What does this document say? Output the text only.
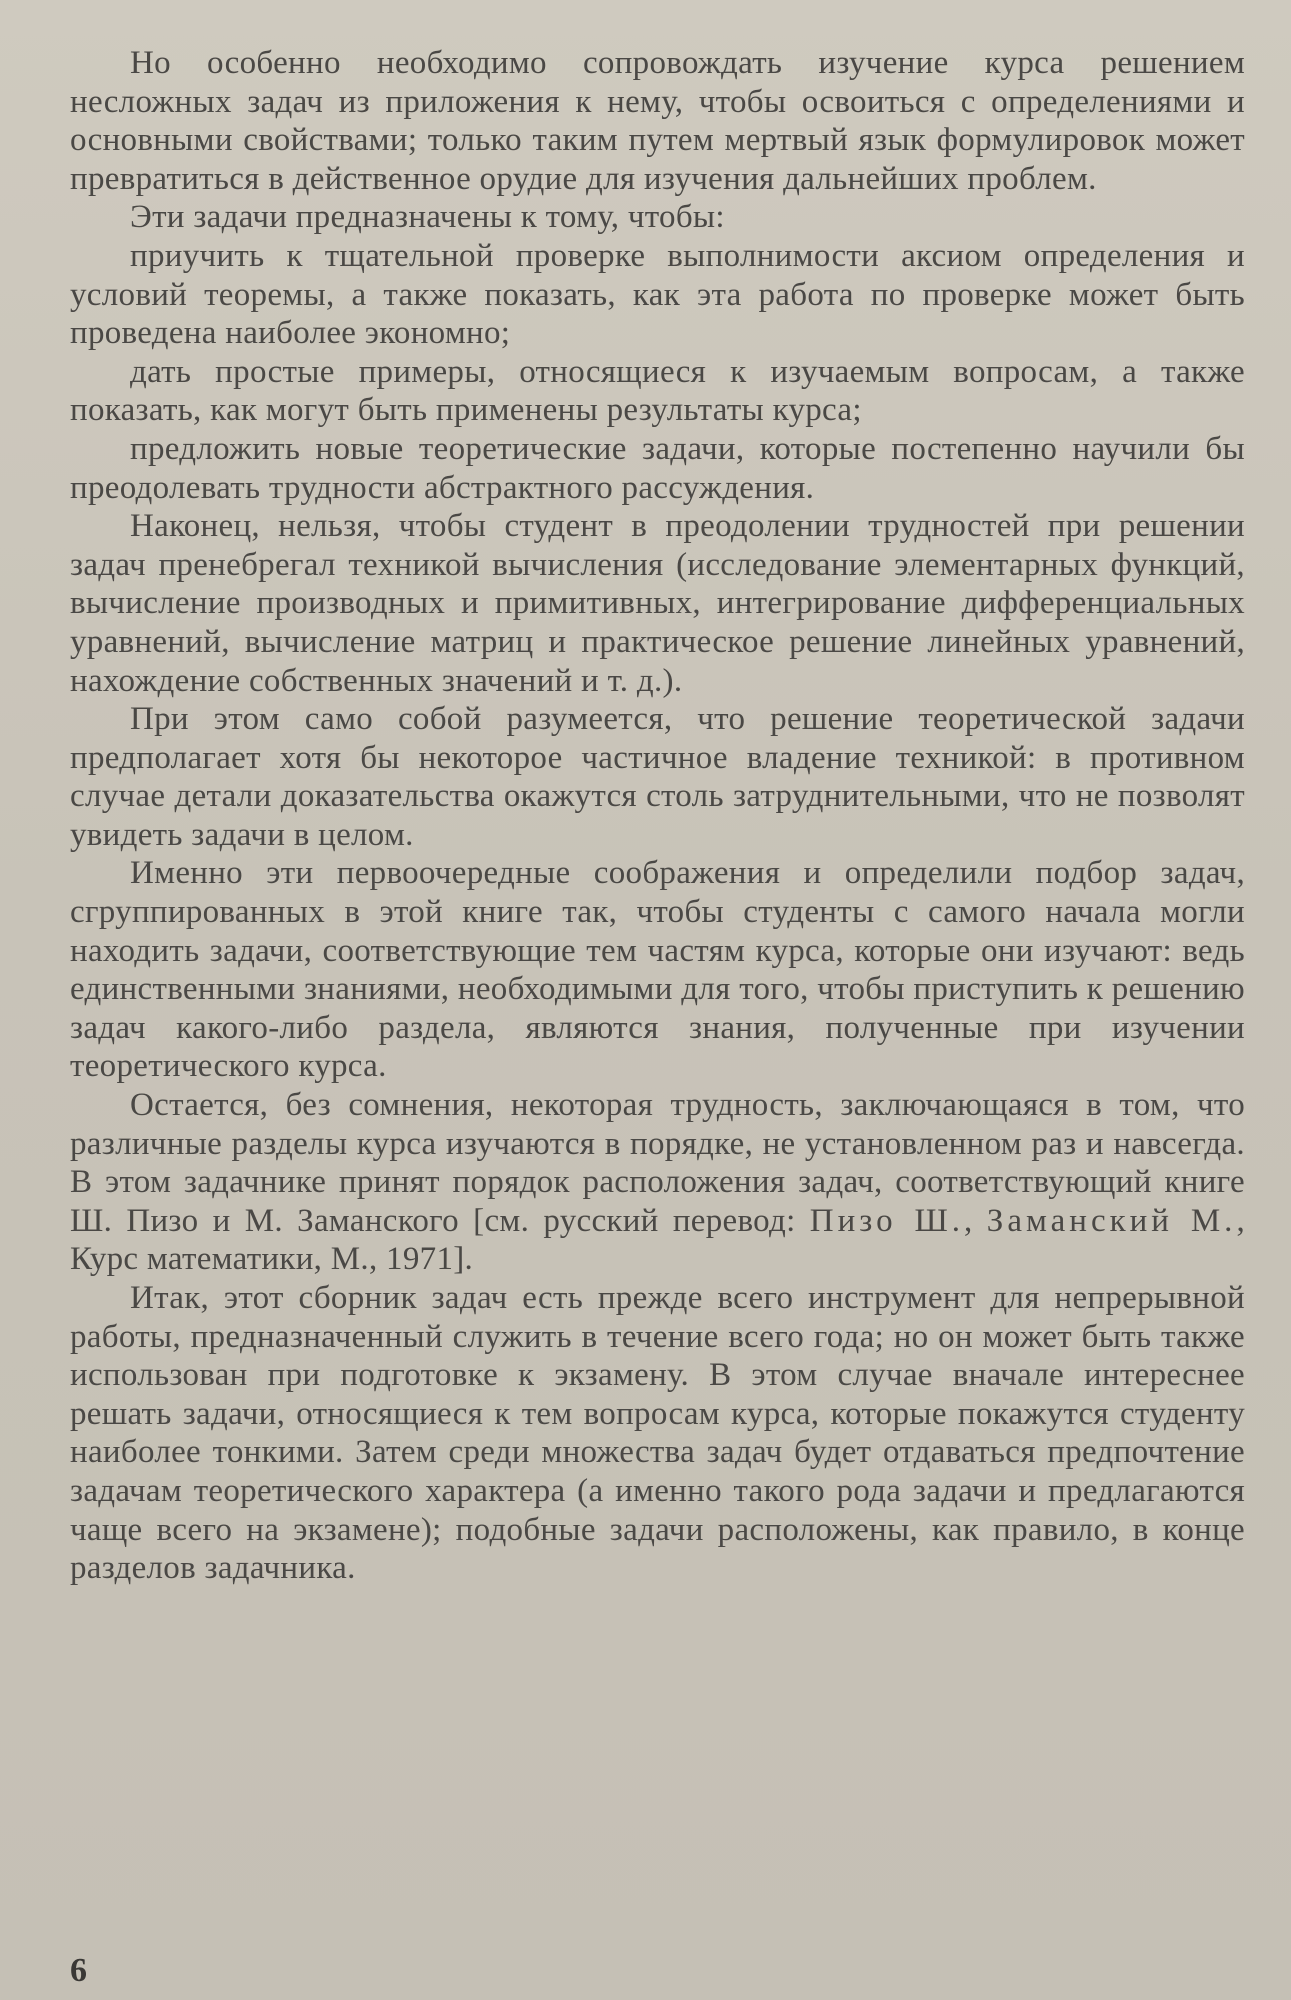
Но особенно необходимо сопровождать изучение курса решением несложных задач из приложения к нему, чтобы освоиться с определениями и основными свойствами; только таким путем мертвый язык формулировок может превратиться в действенное орудие для изучения дальнейших проблем.

Эти задачи предназначены к тому, чтобы:

приучить к тщательной проверке выполнимости аксиом определения и условий теоремы, а также показать, как эта работа по проверке может быть проведена наиболее экономно;

дать простые примеры, относящиеся к изучаемым вопросам, а также показать, как могут быть применены результаты курса;

предложить новые теоретические задачи, которые постепенно научили бы преодолевать трудности абстрактного рассуждения.

Наконец, нельзя, чтобы студент в преодолении трудностей при решении задач пренебрегал техникой вычисления (исследование элементарных функций, вычисление производных и примитивных, интегрирование дифференциальных уравнений, вычисление матриц и практическое решение линейных уравнений, нахождение собственных значений и т. д.).

При этом само собой разумеется, что решение теоретической задачи предполагает хотя бы некоторое частичное владение техникой: в противном случае детали доказательства окажутся столь затруднительными, что не позволят увидеть задачи в целом.

Именно эти первоочередные соображения и определили подбор задач, сгруппированных в этой книге так, чтобы студенты с самого начала могли находить задачи, соответствующие тем частям курса, которые они изучают: ведь единственными знаниями, необходимыми для того, чтобы приступить к решению задач какого-либо раздела, являются знания, полученные при изучении теоретического курса.

Остается, без сомнения, некоторая трудность, заключающаяся в том, что различные разделы курса изучаются в порядке, не установленном раз и навсегда. В этом задачнике принят порядок расположения задач, соответствующий книге Ш. Пизо и М. Заманского [см. русский перевод: Пизо Ш., Заманский М., Курс математики, М., 1971].

Итак, этот сборник задач есть прежде всего инструмент для непрерывной работы, предназначенный служить в течение всего года; но он может быть также использован при подготовке к экзамену. В этом случае вначале интереснее решать задачи, относящиеся к тем вопросам курса, которые покажутся студенту наиболее тонкими. Затем среди множества задач будет отдаваться предпочтение задачам теоретического характера (а именно такого рода задачи и предлагаются чаще всего на экзамене); подобные задачи расположены, как правило, в конце разделов задачника.

6
